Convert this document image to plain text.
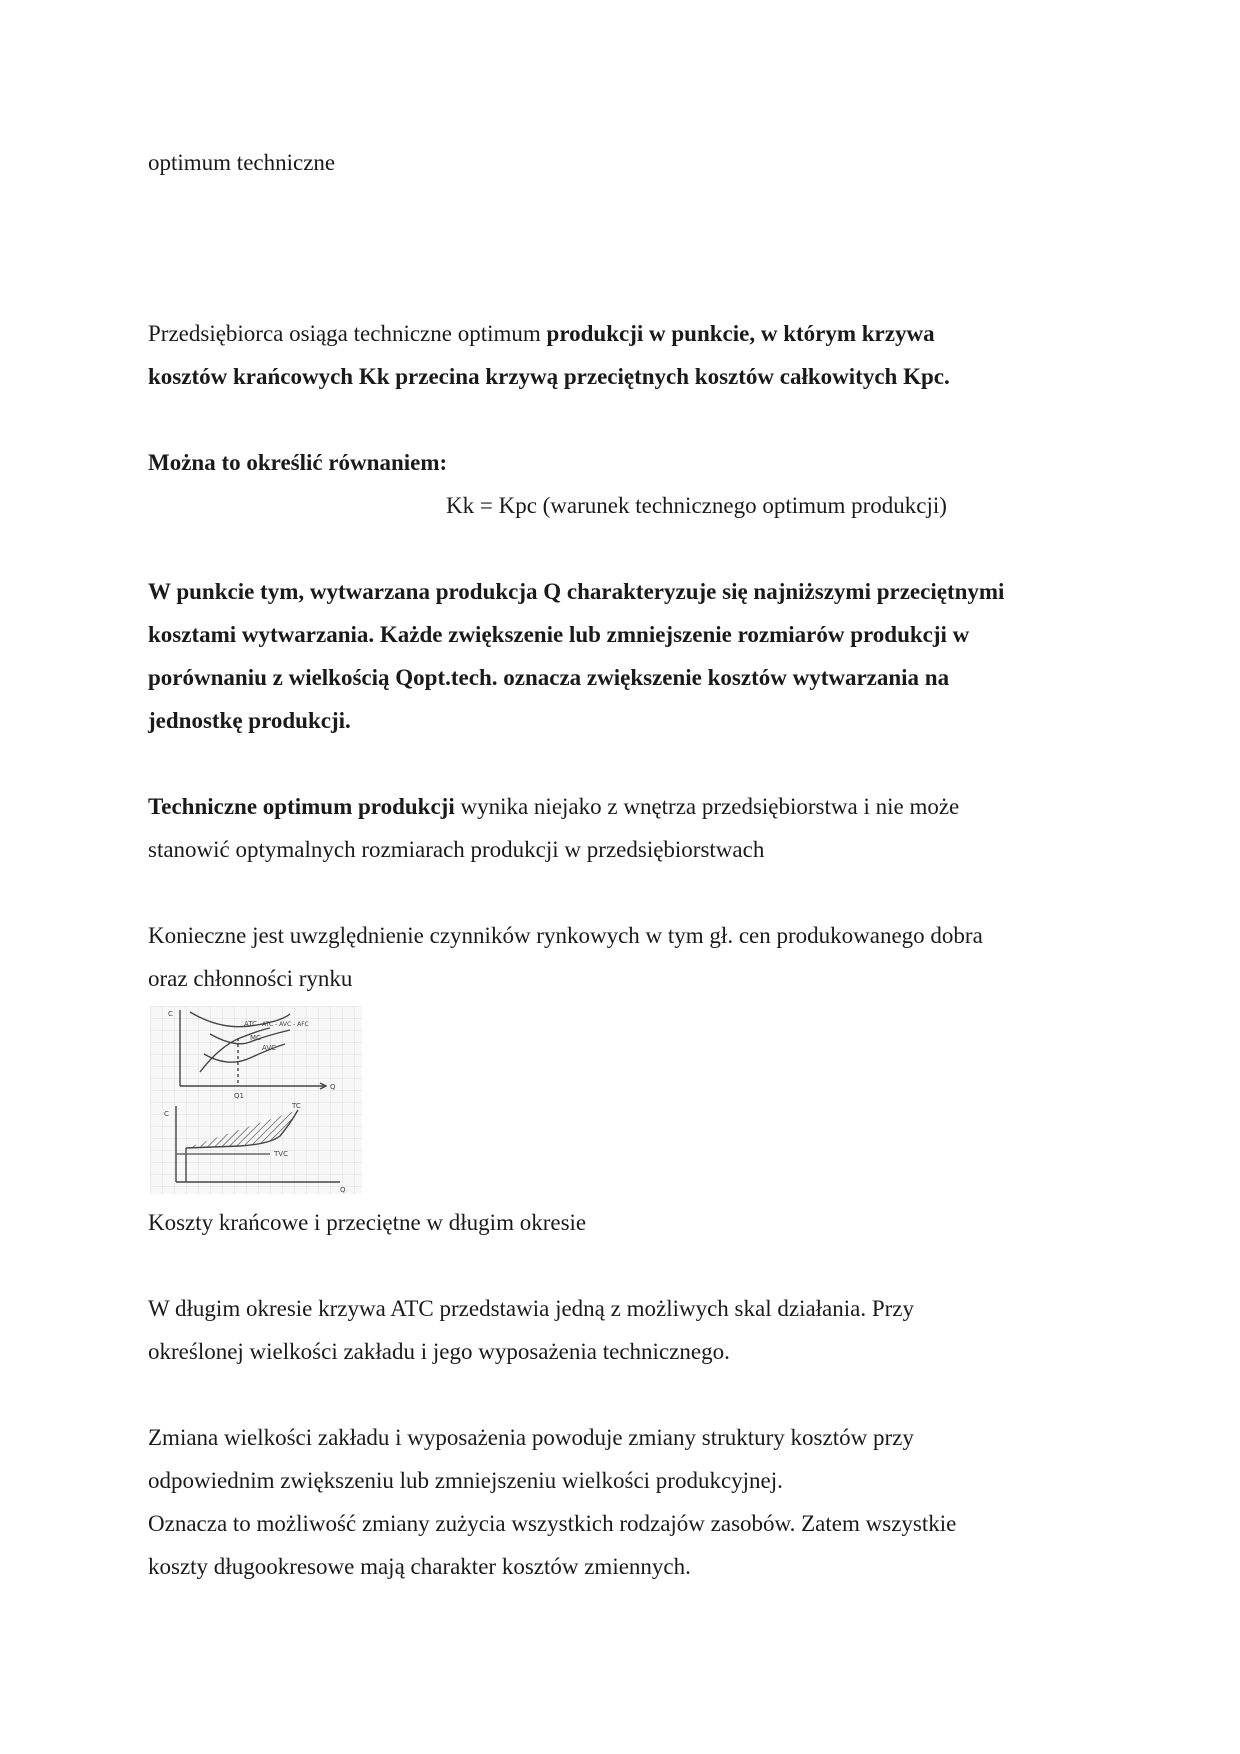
optimum techniczne

Przedsiębiorca osiąga techniczne optimum produkcji w punkcie, w którym krzywa
kosztów krańcowych Kk przecina krzywą przeciętnych kosztów całkowitych Kpc.
Można to określić równaniem:

Kk = Kpc (warunek technicznego optimum produkcji)

W punkcie tym, wytwarzana produkcja Q charakteryzuje się najniższymi przeciętnymi
kosztami wytwarzania. Każde zwiększenie lub zmniejszenie rozmiarów produkcji w
porównaniu z wielkością Qopt.tech. oznacza zwiększenie kosztów wytwarzania na
jednostkę produkcji.
Techniczne optimum produkcji wynika niejako z wnętrza przedsiębiorstwa i nie może
stanowić optymalnych rozmiarach produkcji w przedsiębiorstwach
Konieczne jest uwzględnienie czynników rynkowych w tym gł. cen produkowanego dobra
oraz chłonności rynku
C
ATC ATC - AVC - AFC
MC
AVC
Q
Q1
C
TC
TVC
Q

Koszty krańcowe i przeciętne w długim okresie

W długim okresie krzywa ATC przedstawia jedną z możliwych skal działania. Przy
określonej wielkości zakładu i jego wyposażenia technicznego.
Zmiana wielkości zakładu i wyposażenia powoduje zmiany struktury kosztów przy
odpowiednim zwiększeniu lub zmniejszeniu wielkości produkcyjnej.
Oznacza to możliwość zmiany zużycia wszystkich rodzajów zasobów. Zatem wszystkie
koszty długookresowe mają charakter kosztów zmiennych.
